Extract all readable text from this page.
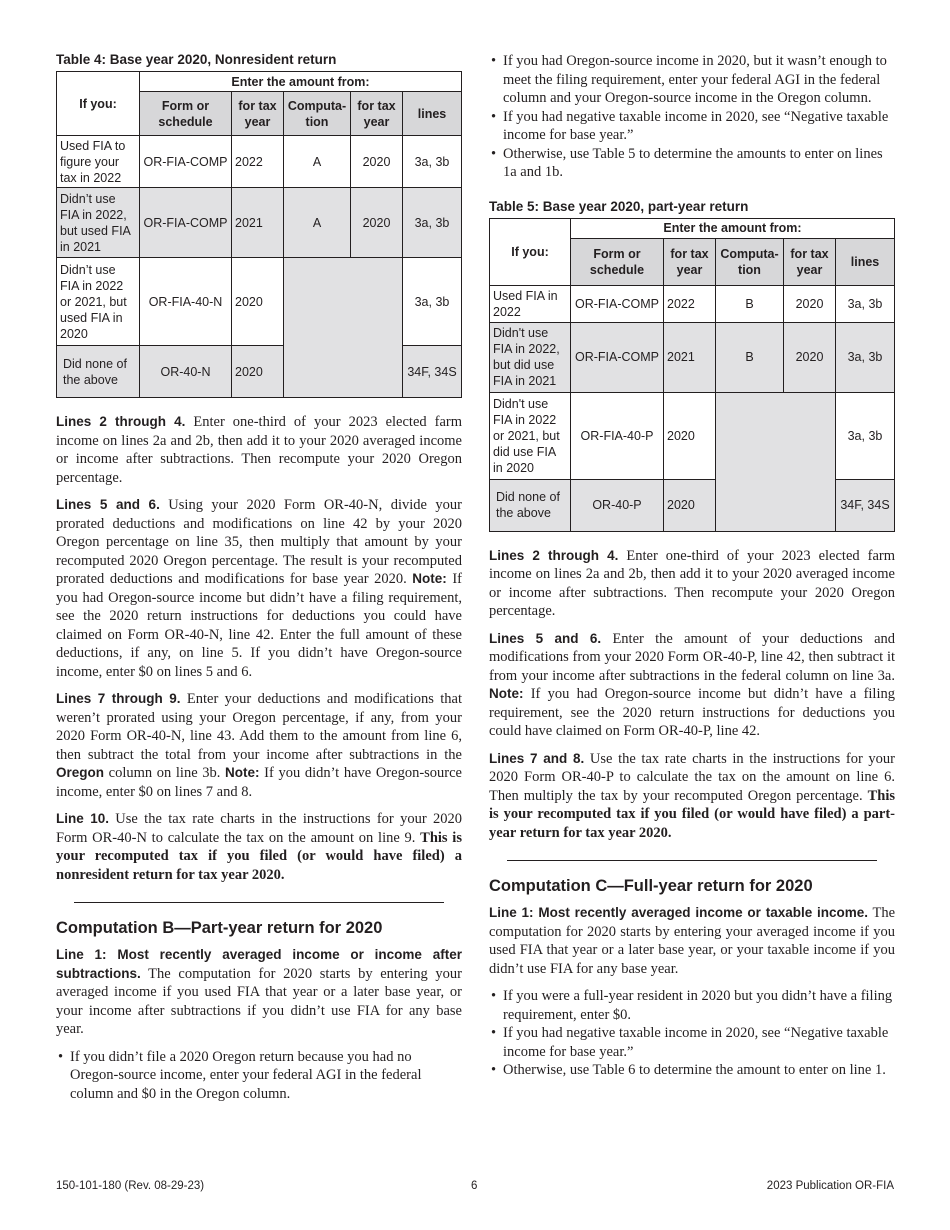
Table 4: Base year 2020, Nonresident return
If you:	Enter the amount from:				
	Form or schedule	for tax year	Computa-tion	for tax year	lines
Used FIA to figure your tax in 2022	OR-FIA-COMP	2022	A	2020	3a, 3b
Didn’t use FIA in 2022, but used FIA in 2021	OR-FIA-COMP	2021	A	2020	3a, 3b
Didn’t use FIA in 2022 or 2021, but used FIA in 2020	OR-FIA-40-N	2020			3a, 3b
Did none of the above	OR-40-N	2020			34F, 34S

Lines 2 through 4. Enter one-third of your 2023 elected farm income on lines 2a and 2b, then add it to your 2020 averaged income or income after subtractions. Then recompute your 2020 Oregon percentage.

Lines 5 and 6. Using your 2020 Form OR-40-N, divide your prorated deductions and modifications on line 42 by your 2020 Oregon percentage on line 35, then multiply that amount by your recomputed 2020 Oregon percentage. The result is your recomputed prorated deductions and modifications for base year 2020. Note: If you had Oregon-source income but didn’t have a filing requirement, see the 2020 return instructions for deductions you could have claimed on Form OR-40-N, line 42. Enter the full amount of these deductions, if any, on line 5. If you didn’t have Oregon-source income, enter $0 on lines 5 and 6.

Lines 7 through 9. Enter your deductions and modifications that weren’t prorated using your Oregon percentage, if any, from your 2020 Form OR-40-N, line 43. Add them to the amount from line 6, then subtract the total from your income after subtractions in the Oregon column on line 3b. Note: If you didn’t have Oregon-source income, enter $0 on lines 7 and 8.

Line 10. Use the tax rate charts in the instructions for your 2020 Form OR-40-N to calculate the tax on the amount on line 9. This is your recomputed tax if you filed (or would have filed) a nonresident return for tax year 2020.

Computation B—Part-year return for 2020

Line 1: Most recently averaged income or income after subtractions. The computation for 2020 starts by entering your averaged income if you used FIA that year or a later base year, or your income after subtractions if you didn’t use FIA for any base year.

• If you didn’t file a 2020 Oregon return because you had no Oregon-source income, enter your federal AGI in the federal column and $0 in the Oregon column.
• If you had Oregon-source income in 2020, but it wasn’t enough to meet the filing requirement, enter your federal AGI in the federal column and your Oregon-source income in the Oregon column.
• If you had negative taxable income in 2020, see “Negative taxable income for base year.”
• Otherwise, use Table 5 to determine the amounts to enter on lines 1a and 1b.
Table 5: Base year 2020, part-year return
If you:	Enter the amount from:				
	Form or schedule	for tax year	Computa-tion	for tax year	lines
Used FIA in 2022	OR-FIA-COMP	2022	B	2020	3a, 3b
Didn't use FIA in 2022, but did use FIA in 2021	OR-FIA-COMP	2021	B	2020	3a, 3b
Didn't use FIA in 2022 or 2021, but did use FIA in 2020	OR-FIA-40-P	2020			3a, 3b
Did none of the above	OR-40-P	2020			34F, 34S

Lines 2 through 4. Enter one-third of your 2023 elected farm income on lines 2a and 2b, then add it to your 2020 averaged income or income after subtractions. Then recompute your 2020 Oregon percentage.

Lines 5 and 6. Enter the amount of your deductions and modifications from your 2020 Form OR-40-P, line 42, then subtract it from your income after subtractions in the federal column on line 3a. Note: If you had Oregon-source income but didn’t have a filing requirement, see the 2020 return instructions for deductions you could have claimed on Form OR-40-P, line 42.

Lines 7 and 8. Use the tax rate charts in the instructions for your 2020 Form OR-40-P to calculate the tax on the amount on line 6. Then multiply the tax by your recomputed Oregon percentage. This is your recomputed tax if you filed (or would have filed) a part-year return for tax year 2020.

Computation C—Full-year return for 2020

Line 1: Most recently averaged income or taxable income. The computation for 2020 starts by entering your averaged income if you used FIA that year or a later base year, or your taxable income if you didn’t use FIA for any base year.

• If you were a full-year resident in 2020 but you didn’t have a filing requirement, enter $0.
• If you had negative taxable income in 2020, see “Negative taxable income for base year.”
• Otherwise, use Table 6 to determine the amount to enter on line 1.
150-101-180 (Rev. 08-29-23)	6	2023 Publication OR-FIA
